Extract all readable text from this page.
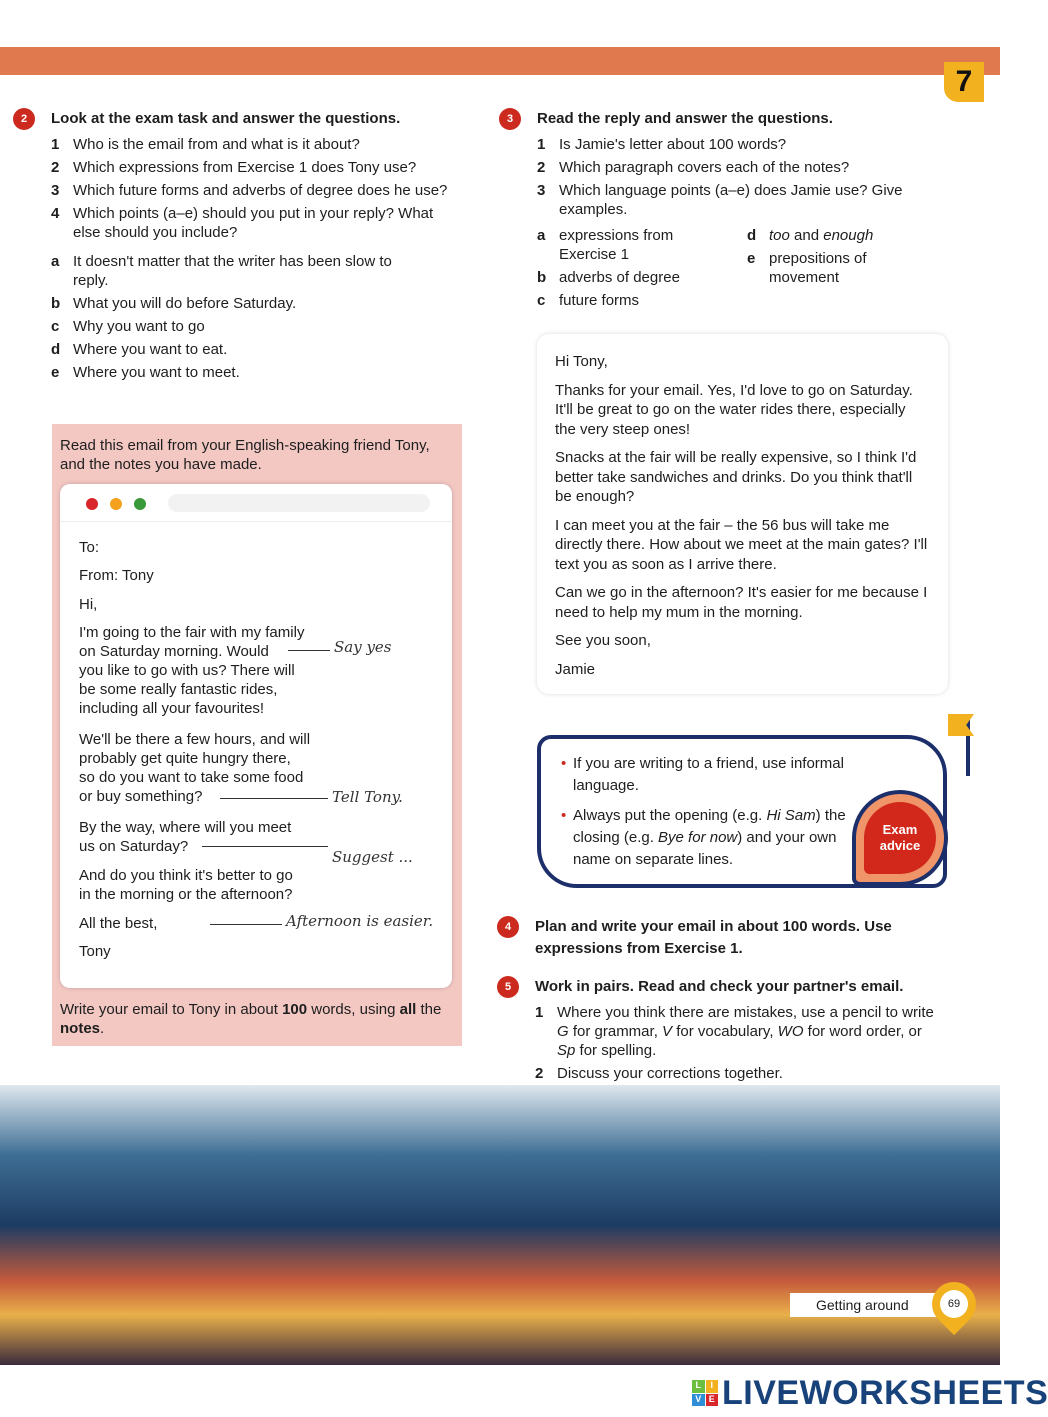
7
2	Look at the exam task and answer the questions.
1 Who is the email from and what is it about?
2 Which expressions from Exercise 1 does Tony use?
3 Which future forms and adverbs of degree does he use?
4 Which points (a–e) should you put in your reply? What else should you include?
a It doesn't matter that the writer has been slow to reply.
b What you will do before Saturday.
c Why you want to go
d Where you want to eat.
e Where you want to meet.

Read this email from your English-speaking friend Tony, and the notes you have made.

Write your email to Tony in about 100 words, using all the notes.

To:
From: Tony
Hi,
I'm going to the fair with my family
on Saturday morning. Would
you like to go with us? There will
be some really fantastic rides,
including all your favourites!
We'll be there a few hours, and will
probably get quite hungry there,
so do you want to take some food
or buy something?
By the way, where will you meet
us on Saturday?
And do you think it's better to go
in the morning or the afternoon?
All the best,
Tony
Say yes
Tell Tony.
Suggest ...
Afternoon is easier.
3	Read the reply and answer the questions.
1 Is Jamie's letter about 100 words?
2 Which paragraph covers each of the notes?
3 Which language points (a–e) does Jamie use? Give examples.
a expressions from Exercise 1
b adverbs of degree
c future forms
d too and enough
e prepositions of movement

Hi Tony,

Thanks for your email. Yes, I'd love to go on Saturday. It'll be great to go on the water rides there, especially the very steep ones!

Snacks at the fair will be really expensive, so I think I'd better take sandwiches and drinks. Do you think that'll be enough?

I can meet you at the fair – the 56 bus will take me directly there. How about we meet at the main gates? I'll text you as soon as I arrive there.

Can we go in the afternoon? It's easier for me because I need to help my mum in the morning.

See you soon,

Jamie

• If you are writing to a friend, use informal language.
• Always put the opening (e.g. Hi Sam) the closing (e.g. Bye for now) and your own name on separate lines.
Exam
advice
4	Plan and write your email in about 100 words. Use expressions from Exercise 1.
5	Work in pairs. Read and check your partner's email.
1 Where you think there are mistakes, use a pencil to write G for grammar, V for vocabulary, WO for word order, or Sp for spelling.
2 Discuss your corrections together.
Getting around	69
L	I
V E LIVEWORKSHEETS
